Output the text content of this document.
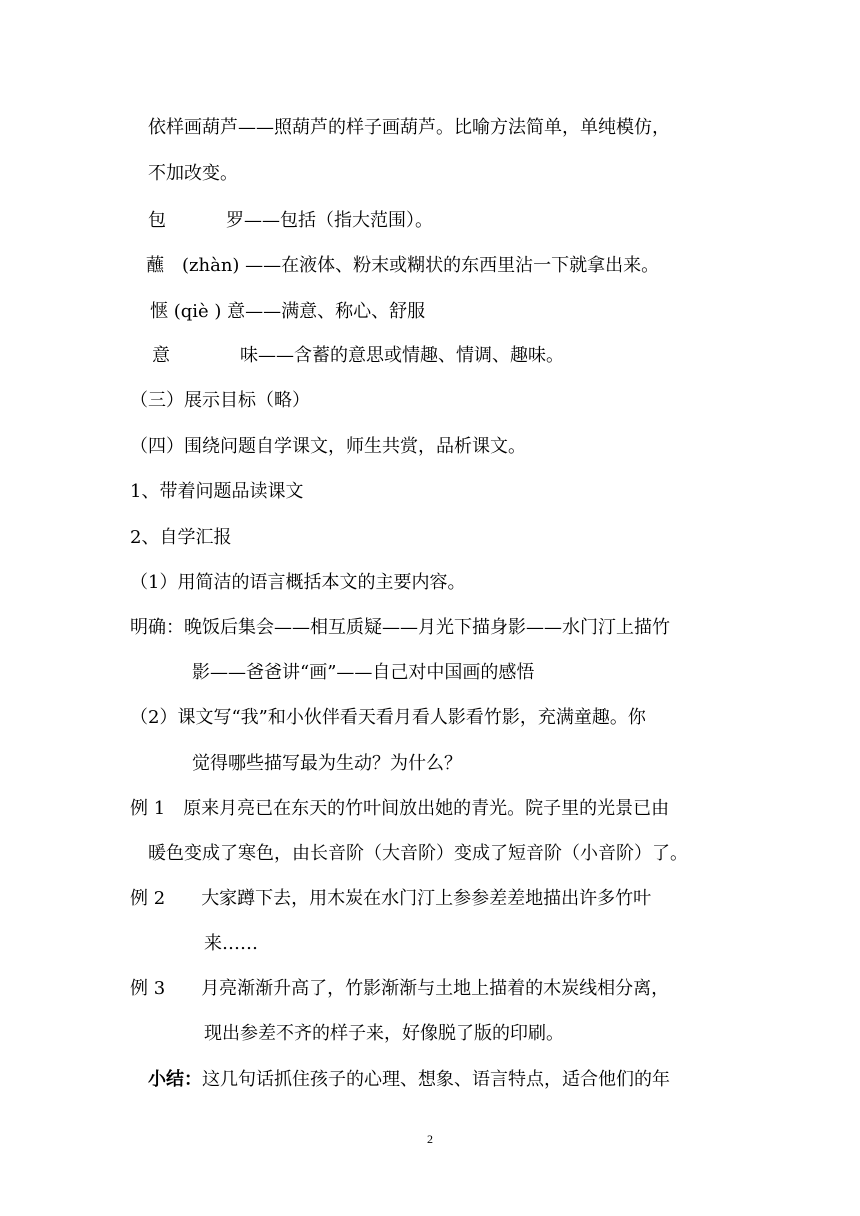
依样画葫芦——照葫芦的样子画葫芦。比喻方法简单，单纯模仿，
不加改变。
包	罗——包括（指大范围）。
蘸　(zhàn) ——在液体、粉末或糊状的东西里沾一下就拿出来。
惬 (qiè ) 意——满意、称心、舒服
意	味——含蓄的意思或情趣、情调、趣味。
（三）展示目标（略）
（四）围绕问题自学课文，师生共赏，品析课文。
1、带着问题品读课文
2、自学汇报
（1）用简洁的语言概括本文的主要内容。
明确：晚饭后集会——相互质疑——月光下描身影——水门汀上描竹
影——爸爸讲“画”——自己对中国画的感悟
（2）课文写“我”和小伙伴看天看月看人影看竹影，充满童趣。你
觉得哪些描写最为生动？为什么？
例 1 原来月亮已在东天的竹叶间放出她的青光。院子里的光景已由
暖色变成了寒色，由长音阶（大音阶）变成了短音阶（小音阶）了。
例 2 大家蹲下去，用木炭在水门汀上参参差差地描出许多竹叶
来……
例 3 月亮渐渐升高了，竹影渐渐与土地上描着的木炭线相分离，
现出参差不齐的样子来，好像脱了版的印刷。
小结：这几句话抓住孩子的心理、想象、语言特点，适合他们的年
2
